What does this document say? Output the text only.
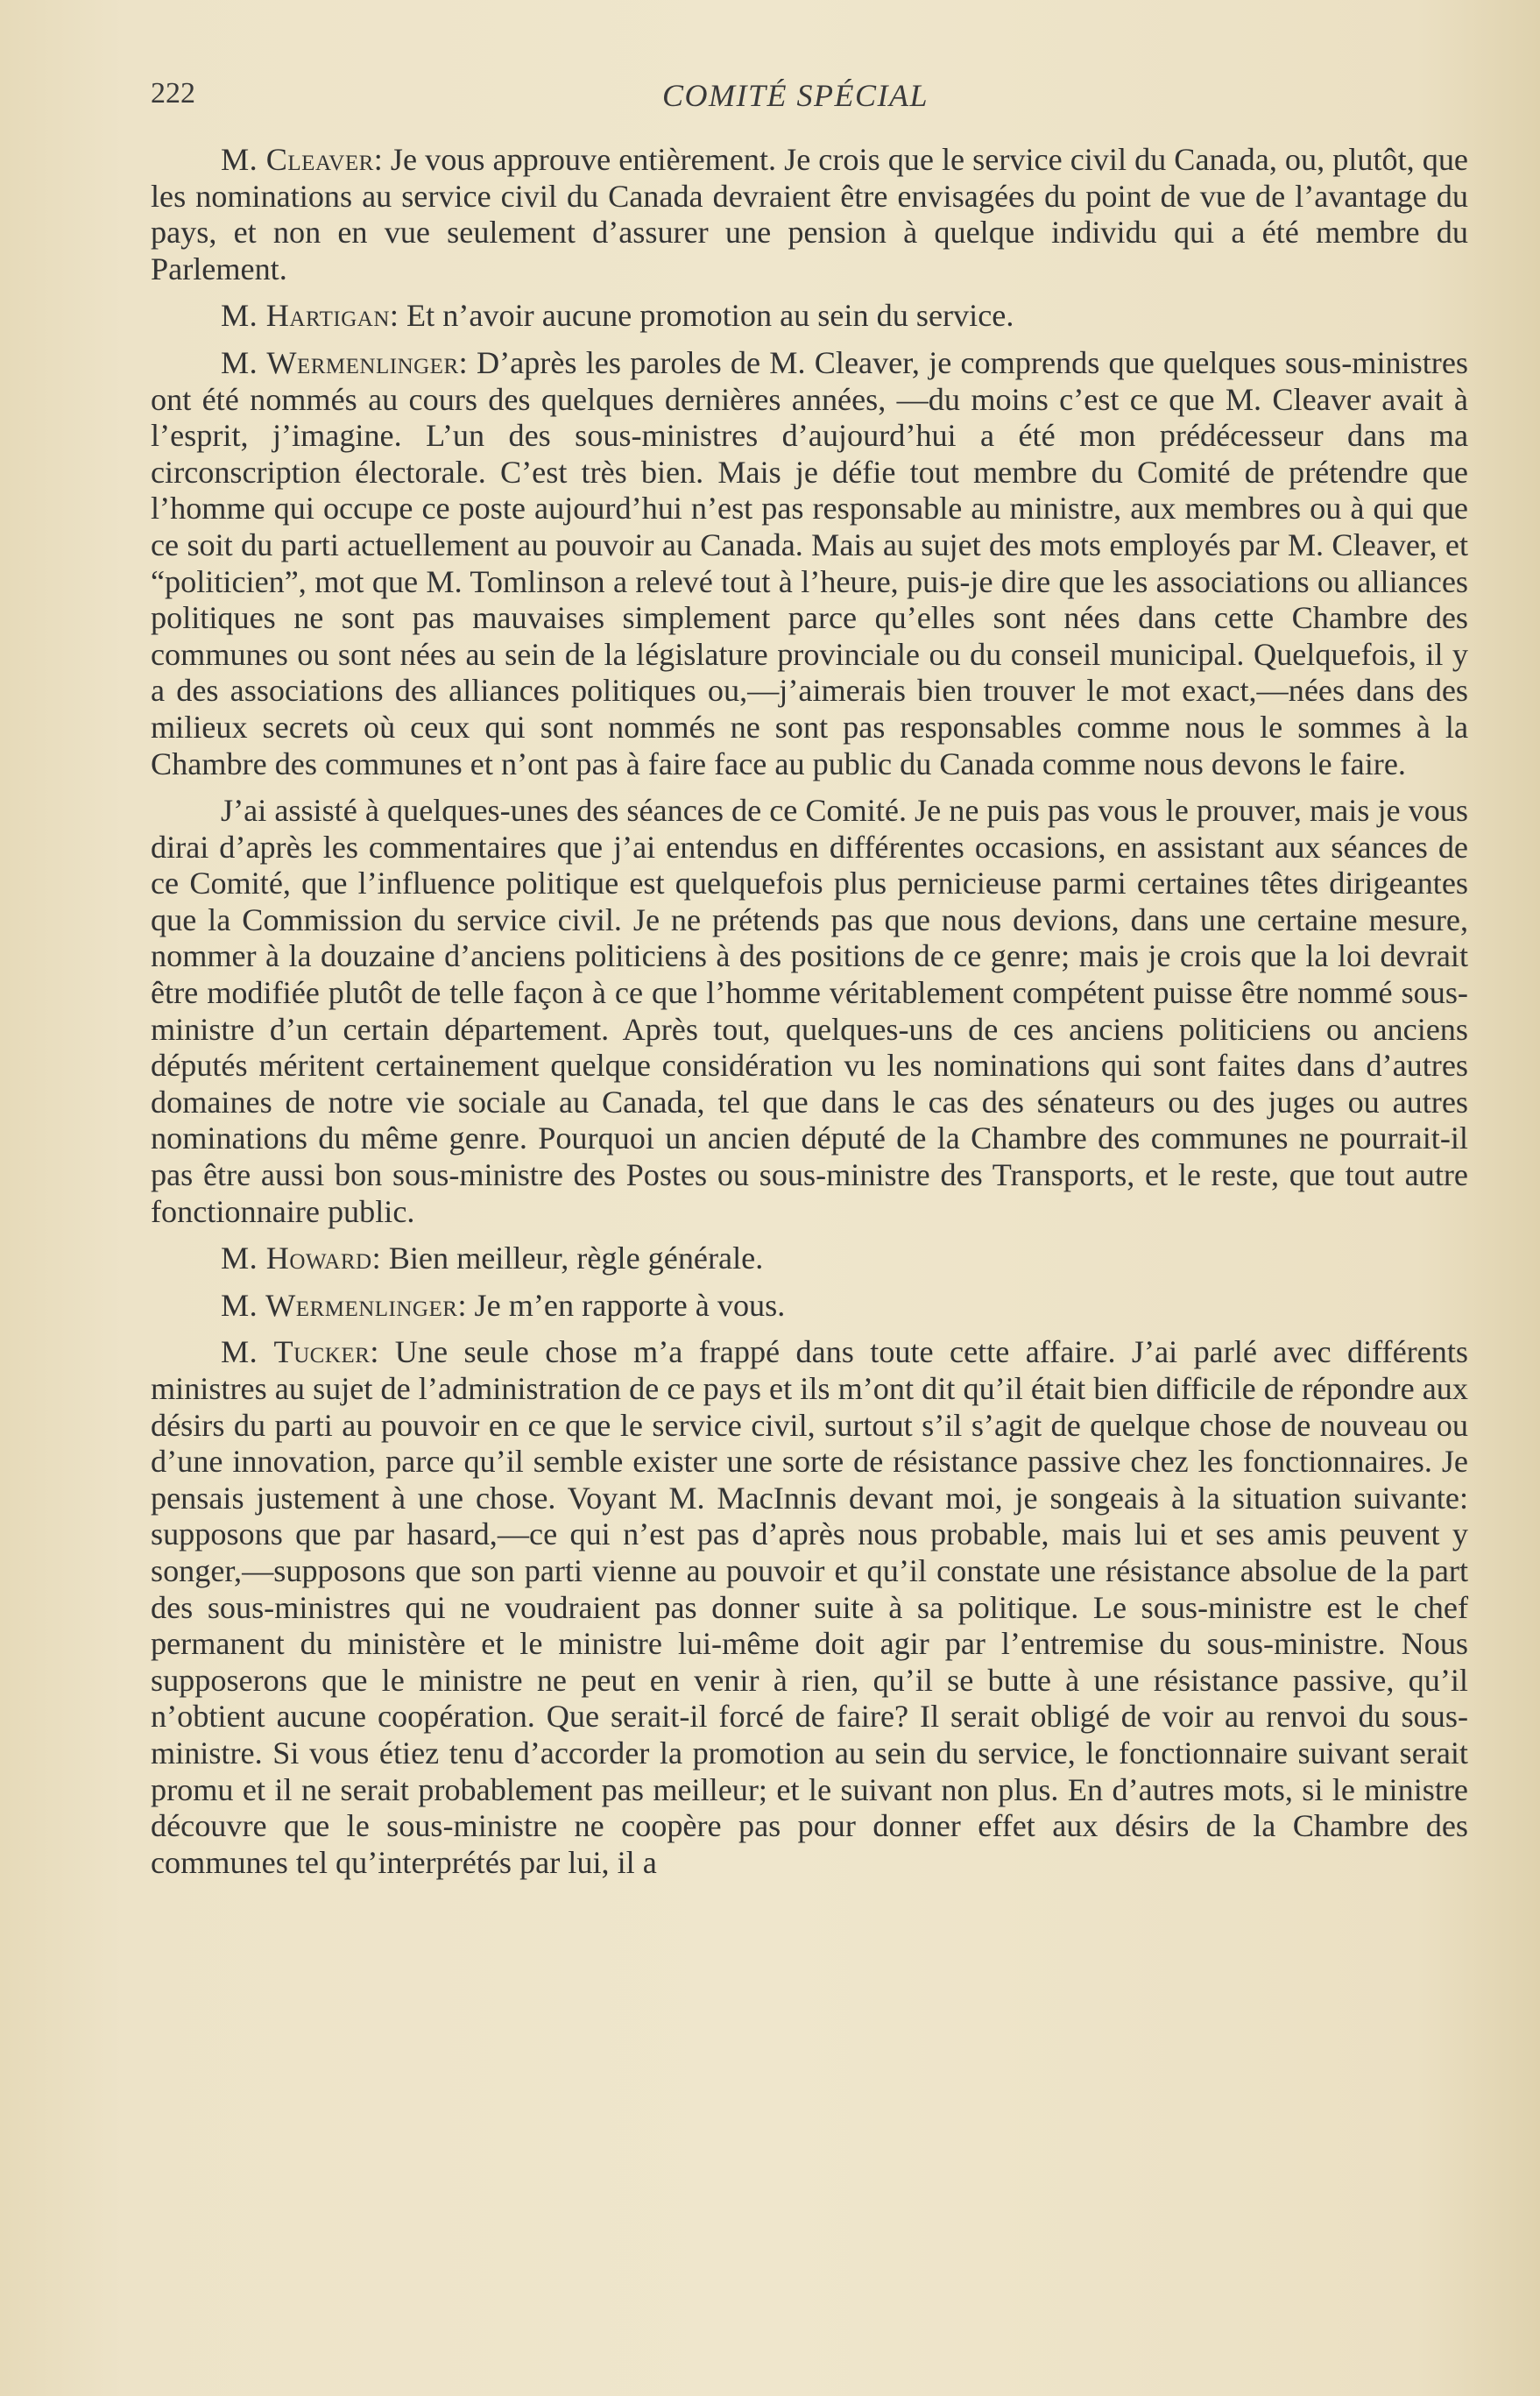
222	COMITÉ SPÉCIAL

M. Cleaver: Je vous approuve entièrement. Je crois que le service civil du Canada, ou, plutôt, que les nominations au service civil du Canada devraient être envisagées du point de vue de l’avantage du pays, et non en vue seulement d’assurer une pension à quelque individu qui a été membre du Parlement.

M. Hartigan: Et n’avoir aucune promotion au sein du service.

M. Wermenlinger: D’après les paroles de M. Cleaver, je comprends que quelques sous-ministres ont été nommés au cours des quelques dernières années, —du moins c’est ce que M. Cleaver avait à l’esprit, j’imagine. L’un des sous-ministres d’aujourd’hui a été mon prédécesseur dans ma circonscription électorale. C’est très bien. Mais je défie tout membre du Comité de prétendre que l’homme qui occupe ce poste aujourd’hui n’est pas responsable au ministre, aux membres ou à qui que ce soit du parti actuellement au pouvoir au Canada. Mais au sujet des mots employés par M. Cleaver, et “politicien”, mot que M. Tomlinson a relevé tout à l’heure, puis-je dire que les associations ou alliances politiques ne sont pas mauvaises simplement parce qu’elles sont nées dans cette Chambre des communes ou sont nées au sein de la législature provinciale ou du conseil municipal. Quelquefois, il y a des associations des alliances politiques ou,—j’aimerais bien trouver le mot exact,—nées dans des milieux secrets où ceux qui sont nommés ne sont pas responsables comme nous le sommes à la Chambre des communes et n’ont pas à faire face au public du Canada comme nous devons le faire.

J’ai assisté à quelques-unes des séances de ce Comité. Je ne puis pas vous le prouver, mais je vous dirai d’après les commentaires que j’ai entendus en différentes occasions, en assistant aux séances de ce Comité, que l’influence politique est quelquefois plus pernicieuse parmi certaines têtes dirigeantes que la Commission du service civil. Je ne prétends pas que nous devions, dans une certaine mesure, nommer à la douzaine d’anciens politiciens à des positions de ce genre; mais je crois que la loi devrait être modifiée plutôt de telle façon à ce que l’homme véritablement compétent puisse être nommé sous-ministre d’un certain département. Après tout, quelques-uns de ces anciens politiciens ou anciens députés méritent certainement quelque considération vu les nominations qui sont faites dans d’autres domaines de notre vie sociale au Canada, tel que dans le cas des sénateurs ou des juges ou autres nominations du même genre. Pourquoi un ancien député de la Chambre des communes ne pourrait-il pas être aussi bon sous-ministre des Postes ou sous-ministre des Transports, et le reste, que tout autre fonctionnaire public.

M. Howard: Bien meilleur, règle générale.

M. Wermenlinger: Je m’en rapporte à vous.

M. Tucker: Une seule chose m’a frappé dans toute cette affaire. J’ai parlé avec différents ministres au sujet de l’administration de ce pays et ils m’ont dit qu’il était bien difficile de répondre aux désirs du parti au pouvoir en ce que le service civil, surtout s’il s’agit de quelque chose de nouveau ou d’une innovation, parce qu’il semble exister une sorte de résistance passive chez les fonctionnaires. Je pensais justement à une chose. Voyant M. MacInnis devant moi, je songeais à la situation suivante: supposons que par hasard,—ce qui n’est pas d’après nous probable, mais lui et ses amis peuvent y songer,—supposons que son parti vienne au pouvoir et qu’il constate une résistance absolue de la part des sous-ministres qui ne voudraient pas donner suite à sa politique. Le sous-ministre est le chef permanent du ministère et le ministre lui-même doit agir par l’entremise du sous-ministre. Nous supposerons que le ministre ne peut en venir à rien, qu’il se butte à une résistance passive, qu’il n’obtient aucune coopération. Que serait-il forcé de faire? Il serait obligé de voir au renvoi du sous-ministre. Si vous étiez tenu d’accorder la promotion au sein du service, le fonctionnaire suivant serait promu et il ne serait probablement pas meilleur; et le suivant non plus. En d’autres mots, si le ministre découvre que le sous-ministre ne coopère pas pour donner effet aux désirs de la Chambre des communes tel qu’interprétés par lui, il a
